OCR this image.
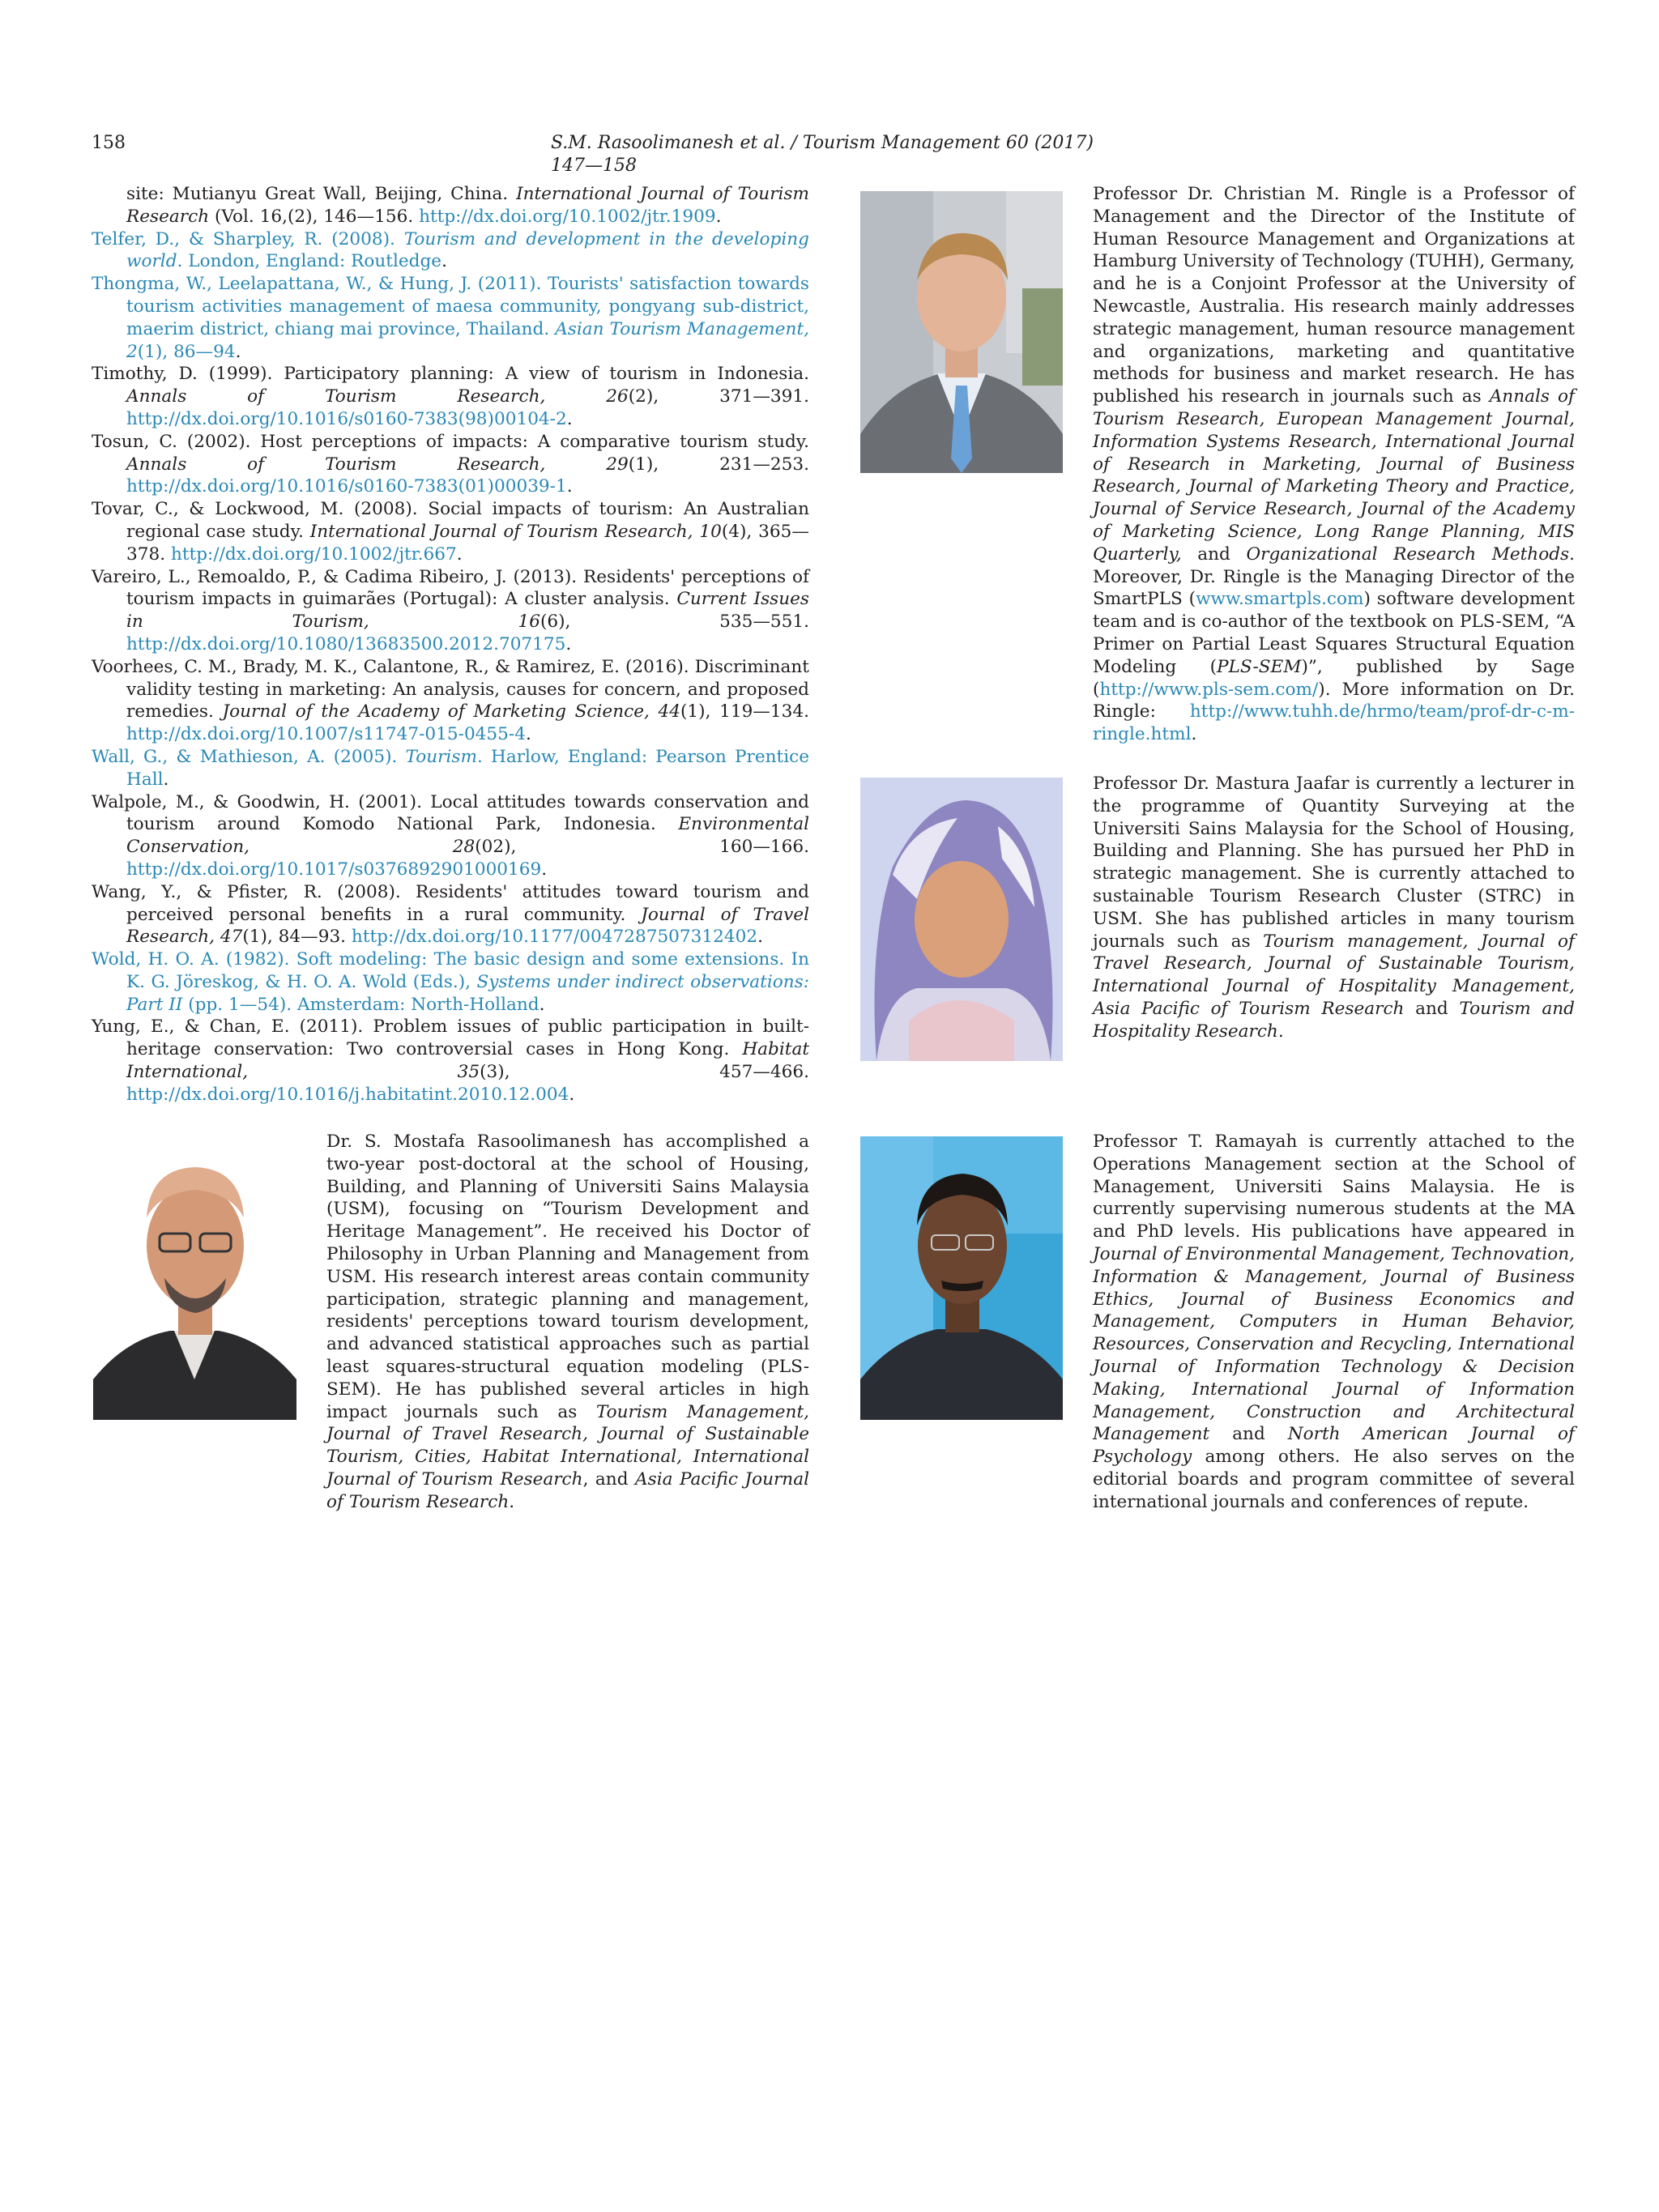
158	S.M. Rasoolimanesh et al. / Tourism Management 60 (2017) 147—158

site: Mutianyu Great Wall, Beijing, China. International Journal of Tourism Research (Vol. 16,(2), 146—156. http://dx.doi.org/10.1002/jtr.1909.

Telfer, D., & Sharpley, R. (2008). Tourism and development in the developing world. London, England: Routledge.

Thongma, W., Leelapattana, W., & Hung, J. (2011). Tourists' satisfaction towards tourism activities management of maesa community, pongyang sub-district, maerim district, chiang mai province, Thailand. Asian Tourism Management, 2(1), 86—94.

Timothy, D. (1999). Participatory planning: A view of tourism in Indonesia. Annals of Tourism Research, 26(2), 371—391. http://dx.doi.org/10.1016/s0160-7383(98)00104-2.

Tosun, C. (2002). Host perceptions of impacts: A comparative tourism study. Annals of Tourism Research, 29(1), 231—253. http://dx.doi.org/10.1016/s0160-7383(01)00039-1.

Tovar, C., & Lockwood, M. (2008). Social impacts of tourism: An Australian regional case study. International Journal of Tourism Research, 10(4), 365—378. http://dx.doi.org/10.1002/jtr.667.

Vareiro, L., Remoaldo, P., & Cadima Ribeiro, J. (2013). Residents' perceptions of tourism impacts in guimarães (Portugal): A cluster analysis. Current Issues in Tourism, 16(6), 535—551. http://dx.doi.org/10.1080/13683500.2012.707175.

Voorhees, C. M., Brady, M. K., Calantone, R., & Ramirez, E. (2016). Discriminant validity testing in marketing: An analysis, causes for concern, and proposed remedies. Journal of the Academy of Marketing Science, 44(1), 119—134. http://dx.doi.org/10.1007/s11747-015-0455-4.

Wall, G., & Mathieson, A. (2005). Tourism. Harlow, England: Pearson Prentice Hall.

Walpole, M., & Goodwin, H. (2001). Local attitudes towards conservation and tourism around Komodo National Park, Indonesia. Environmental Conservation, 28(02), 160—166. http://dx.doi.org/10.1017/s0376892901000169.

Wang, Y., & Pfister, R. (2008). Residents' attitudes toward tourism and perceived personal benefits in a rural community. Journal of Travel Research, 47(1), 84—93. http://dx.doi.org/10.1177/0047287507312402.

Wold, H. O. A. (1982). Soft modeling: The basic design and some extensions. In K. G. Jöreskog, & H. O. A. Wold (Eds.), Systems under indirect observations: Part II (pp. 1—54). Amsterdam: North-Holland.

Yung, E., & Chan, E. (2011). Problem issues of public participation in built-heritage conservation: Two controversial cases in Hong Kong. Habitat International, 35(3), 457—466. http://dx.doi.org/10.1016/j.habitatint.2010.12.004.

Professor Dr. Christian M. Ringle is a Professor of Management and the Director of the Institute of Human Resource Management and Organizations at Hamburg University of Technology (TUHH), Germany, and he is a Conjoint Professor at the University of Newcastle, Australia. His research mainly addresses strategic management, human resource management and organizations, marketing and quantitative methods for business and market research. He has published his research in journals such as Annals of Tourism Research, European Management Journal, Information Systems Research, International Journal of Research in Marketing, Journal of Business Research, Journal of Marketing Theory and Practice, Journal of Service Research, Journal of the Academy of Marketing Science, Long Range Planning, MIS Quarterly, and Organizational Research Methods. Moreover, Dr. Ringle is the Managing Director of the SmartPLS (www.smartpls.com) software development team and is co-author of the textbook on PLS-SEM, “A Primer on Partial Least Squares Structural Equation Modeling (PLS-SEM)”, published by Sage (http://www.pls-sem.com/). More information on Dr. Ringle: http://www.tuhh.de/hrmo/team/prof-dr-c-m-ringle.html.
Professor Dr. Mastura Jaafar is currently a lecturer in the programme of Quantity Surveying at the Universiti Sains Malaysia for the School of Housing, Building and Planning. She has pursued her PhD in strategic management. She is currently attached to sustainable Tourism Research Cluster (STRC) in USM. She has published articles in many tourism journals such as Tourism management, Journal of Travel Research, Journal of Sustainable Tourism, International Journal of Hospitality Management, Asia Pacific of Tourism Research and Tourism and Hospitality Research.
Dr. S. Mostafa Rasoolimanesh has accomplished a two-year post-doctoral at the school of Housing, Building, and Planning of Universiti Sains Malaysia (USM), focusing on “Tourism Development and Heritage Management”. He received his Doctor of Philosophy in Urban Planning and Management from USM. His research interest areas contain community participation, strategic planning and management, residents' perceptions toward tourism development, and advanced statistical approaches such as partial least squares-structural equation modeling (PLS-SEM). He has published several articles in high impact journals such as Tourism Management, Journal of Travel Research, Journal of Sustainable Tourism, Cities, Habitat International, International Journal of Tourism Research, and Asia Pacific Journal of Tourism Research.
Professor T. Ramayah is currently attached to the Operations Management section at the School of Management, Universiti Sains Malaysia. He is currently supervising numerous students at the MA and PhD levels. His publications have appeared in Journal of Environmental Management, Technovation, Information & Management, Journal of Business Ethics, Journal of Business Economics and Management, Computers in Human Behavior, Resources, Conservation and Recycling, International Journal of Information Technology & Decision Making, International Journal of Information Management, Construction and Architectural Management and North American Journal of Psychology among others. He also serves on the editorial boards and program committee of several international journals and conferences of repute.
